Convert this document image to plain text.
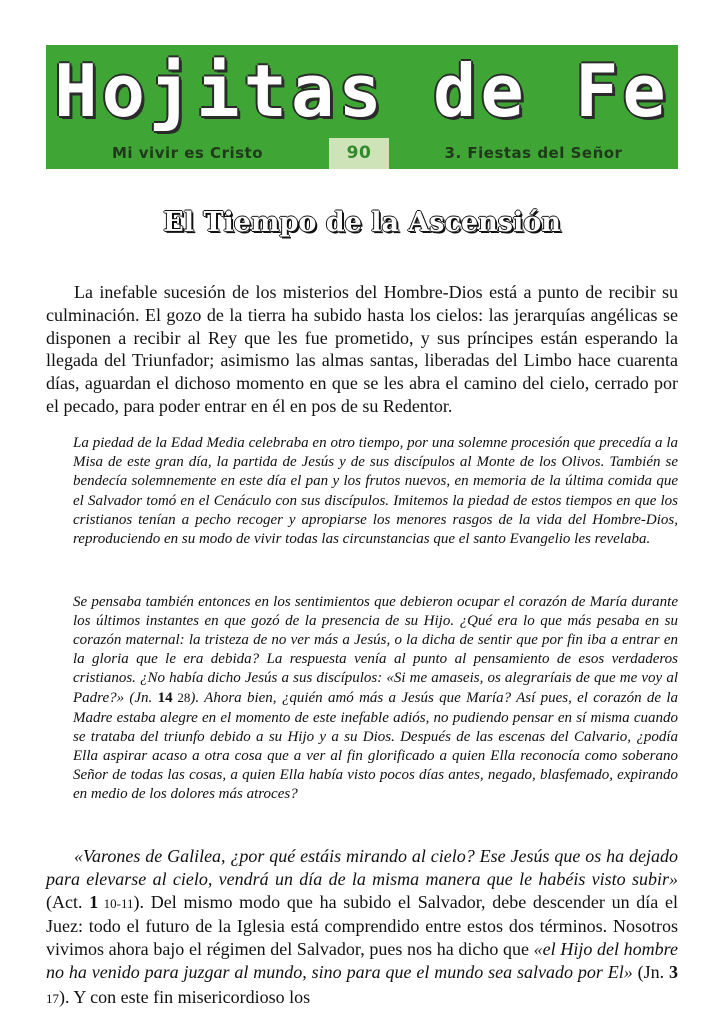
Hojitas de Fe
Mi vivir es Cristo	90	3. Fiestas del Señor
El Tiempo de la Ascensión

La inefable sucesión de los misterios del Hombre-Dios está a punto de recibir su culminación. El gozo de la tierra ha subido hasta los cielos: las jerarquías angélicas se disponen a recibir al Rey que les fue prometido, y sus príncipes están esperando la llegada del Triunfador; asimismo las almas santas, liberadas del Limbo hace cuarenta días, aguardan el dichoso momento en que se les abra el camino del cielo, cerrado por el pecado, para poder entrar en él en pos de su Redentor.

La piedad de la Edad Media celebraba en otro tiempo, por una solemne procesión que precedía a la Misa de este gran día, la partida de Jesús y de sus discípulos al Monte de los Olivos. También se bendecía solemnemente en este día el pan y los frutos nuevos, en memoria de la última comida que el Salvador tomó en el Cenáculo con sus discípulos. Imitemos la piedad de estos tiempos en que los cristianos tenían a pecho recoger y apropiarse los menores rasgos de la vida del Hombre-Dios, reproduciendo en su modo de vivir todas las circunstancias que el santo Evangelio les revelaba.

Se pensaba también entonces en los sentimientos que debieron ocupar el corazón de María durante los últimos instantes en que gozó de la presencia de su Hijo. ¿Qué era lo que más pesaba en su corazón maternal: la tristeza de no ver más a Jesús, o la dicha de sentir que por fin iba a entrar en la gloria que le era debida? La respuesta venía al punto al pensamiento de esos verdaderos cristianos. ¿No había dicho Jesús a sus discípulos: «Si me amaseis, os alegraríais de que me voy al Padre?» (Jn. 14 28). Ahora bien, ¿quién amó más a Jesús que María? Así pues, el corazón de la Madre estaba alegre en el momento de este inefable adiós, no pudiendo pensar en sí misma cuando se trataba del triunfo debido a su Hijo y a su Dios. Después de las escenas del Calvario, ¿podía Ella aspirar acaso a otra cosa que a ver al fin glorificado a quien Ella reconocía como soberano Señor de todas las cosas, a quien Ella había visto pocos días antes, negado, blasfemado, expirando en medio de los dolores más atroces?

«Varones de Galilea, ¿por qué estáis mirando al cielo? Ese Jesús que os ha dejado para elevarse al cielo, vendrá un día de la misma manera que le habéis visto subir» (Act. 1 10-11). Del mismo modo que ha subido el Salvador, debe descender un día el Juez: todo el futuro de la Iglesia está comprendido entre estos dos términos. Nosotros vivimos ahora bajo el régimen del Salvador, pues nos ha dicho que «el Hijo del hombre no ha venido para juzgar al mundo, sino para que el mundo sea salvado por El» (Jn. 3 17). Y con este fin misericordioso los
